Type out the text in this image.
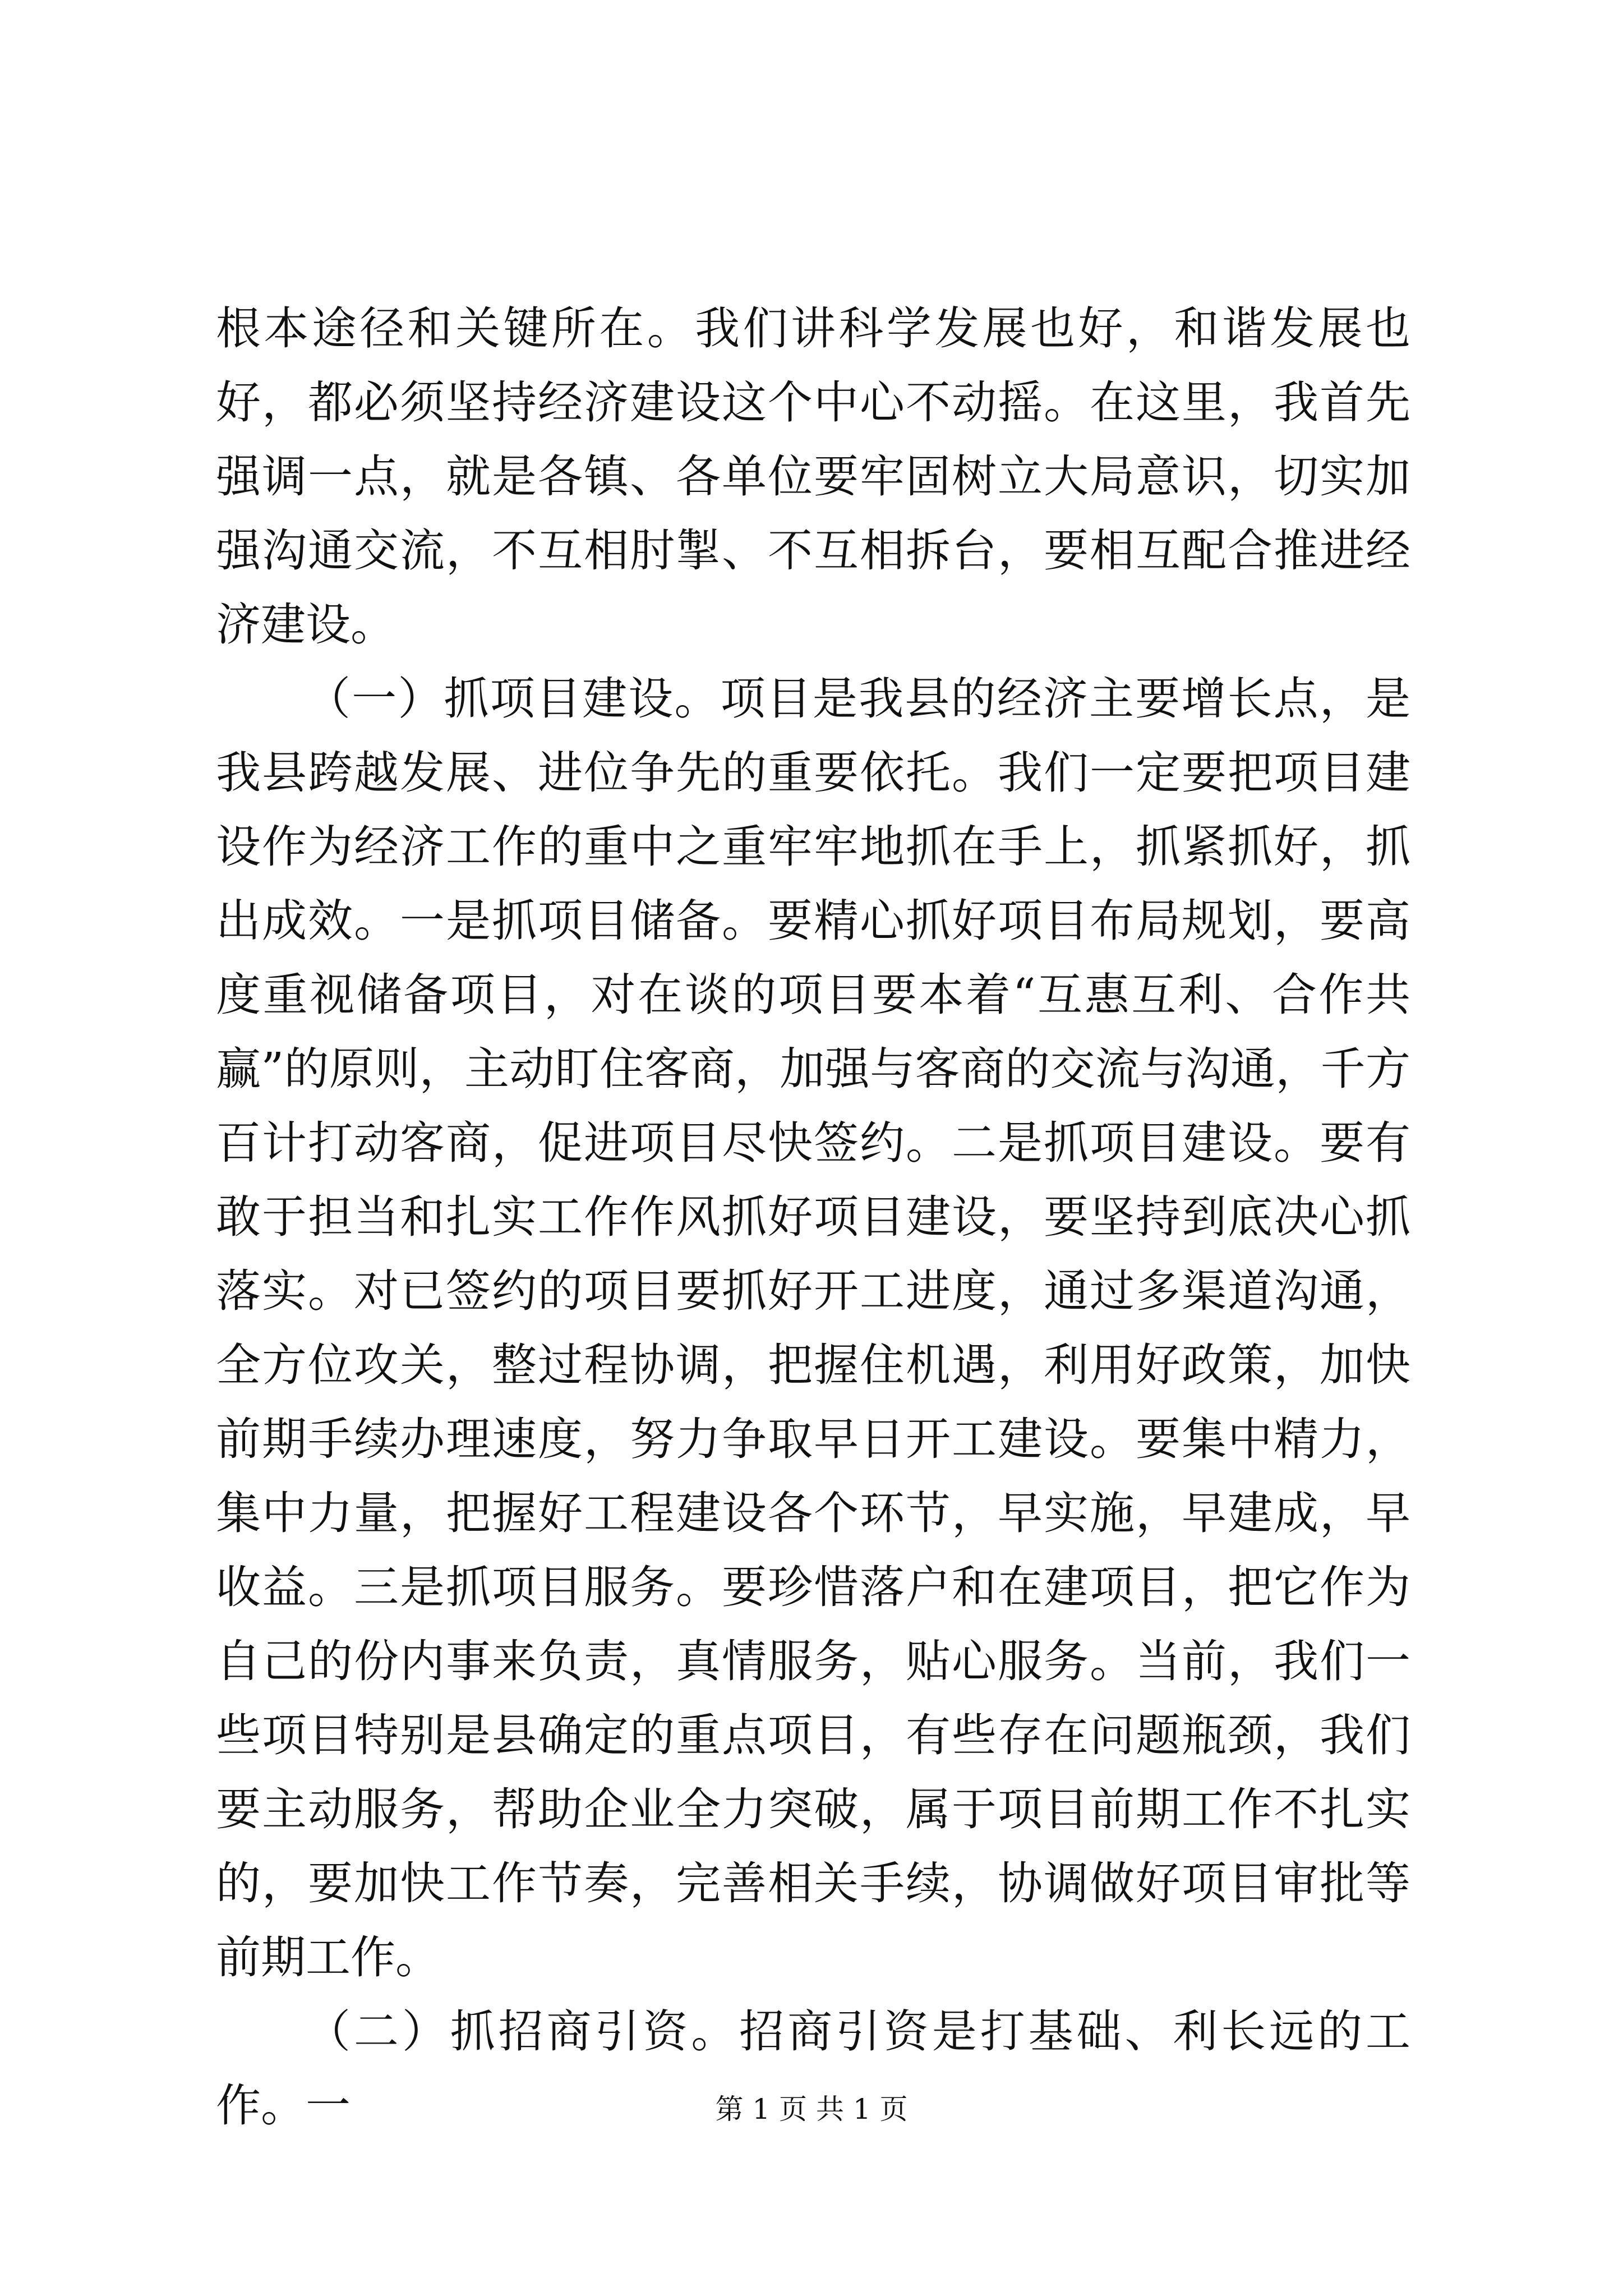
根本途径和关键所在。我们讲科学发展也好，和谐发展也好，都必须坚持经济建设这个中心不动摇。在这里，我首先强调一点，就是各镇、各单位要牢固树立大局意识，切实加强沟通交流，不互相肘掣、不互相拆台，要相互配合推进经济建设。

（一）抓项目建设。项目是我县的经济主要增长点，是我县跨越发展、进位争先的重要依托。我们一定要把项目建设作为经济工作的重中之重牢牢地抓在手上，抓紧抓好，抓出成效。一是抓项目储备。要精心抓好项目布局规划，要高度重视储备项目，对在谈的项目要本着“互惠互利、合作共赢”的原则，主动盯住客商，加强与客商的交流与沟通，千方百计打动客商，促进项目尽快签约。二是抓项目建设。要有敢于担当和扎实工作作风抓好项目建设，要坚持到底决心抓落实。对已签约的项目要抓好开工进度，通过多渠道沟通，全方位攻关，整过程协调，把握住机遇，利用好政策，加快前期手续办理速度，努力争取早日开工建设。要集中精力，集中力量，把握好工程建设各个环节，早实施，早建成，早收益。三是抓项目服务。要珍惜落户和在建项目，把它作为自己的份内事来负责，真情服务，贴心服务。当前，我们一些项目特别是县确定的重点项目，有些存在问题瓶颈，我们要主动服务，帮助企业全力突破，属于项目前期工作不扎实的，要加快工作节奏，完善相关手续，协调做好项目审批等前期工作。

（二）抓招商引资。招商引资是打基础、利长远的工作。一	第 1 页 共 1 页
